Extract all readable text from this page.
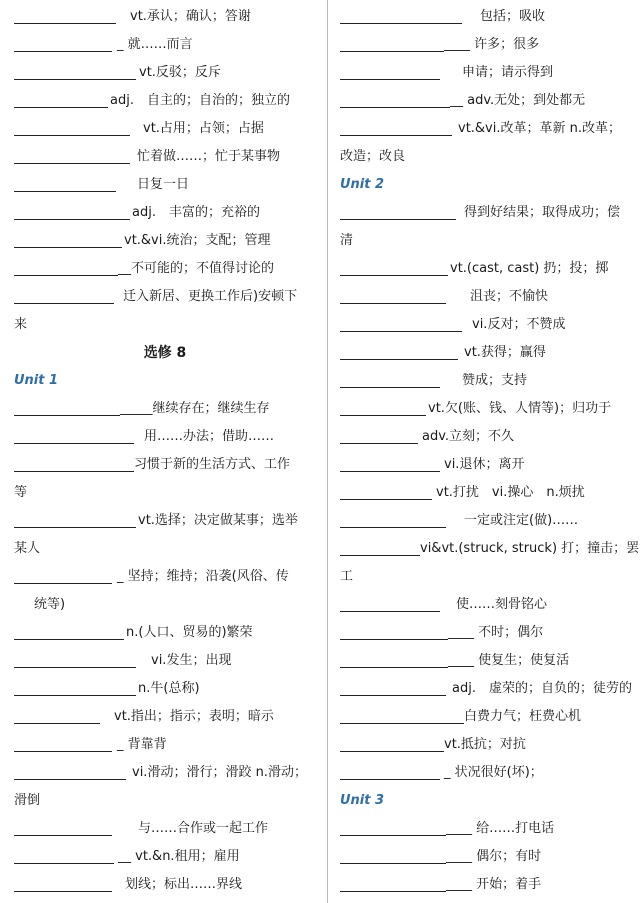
vt.承认；确认；答谢
_ 就……而言
vt.反驳；反斥
adj.　自主的；自治的；独立的
vt.占用；占领；占据
忙着做……；忙于某事物
日复一日
adj.　丰富的；充裕的
vt.&vi.统治；支配；管理
__不可能的；不值得讨论的
迁入新居、更换工作后)安顿下
来
选修 8
Unit 1
_____继续存在；继续生存
用……办法；借助……
习惯于新的生活方式、工作
等
vt.选择；决定做某事；选举
某人
_ 坚持；维持；沿袭(风俗、传
统等)
n.(人口、贸易的)繁荣
vi.发生；出现
n.牛(总称)
vt.指出；指示；表明；暗示
_ 背靠背
vi.滑动；滑行；滑跤 n.滑动；
滑倒
与……合作或一起工作
__ vt.&n.租用；雇用
划线；标出……界线
包括；吸收
____ 许多；很多
申请；请示得到
__ adv.无处；到处都无
vt.&vi.改革；革新 n.改革；
改造；改良
Unit 2
得到好结果；取得成功；偿
清
vt.(cast, cast) 扔；投；掷
沮丧；不愉快
vi.反对；不赞成
vt.获得；赢得
赞成；支持
vt.欠(账、钱、人情等)；归功于
adv.立刻；不久
vi.退休；离开
vt.打扰　vi.操心　n.烦扰
一定或注定(做)……
vi&vt.(struck, struck) 打；撞击；罢
工
使……刻骨铭心
____ 不时；偶尔
____ 使复生；使复活
adj.　虚荣的；自负的；徒劳的
白费力气；枉费心机
vt.抵抗；对抗
_ 状况很好(坏)；
Unit 3
____ 给……打电话
____ 偶尔；有时
____ 开始；着手
